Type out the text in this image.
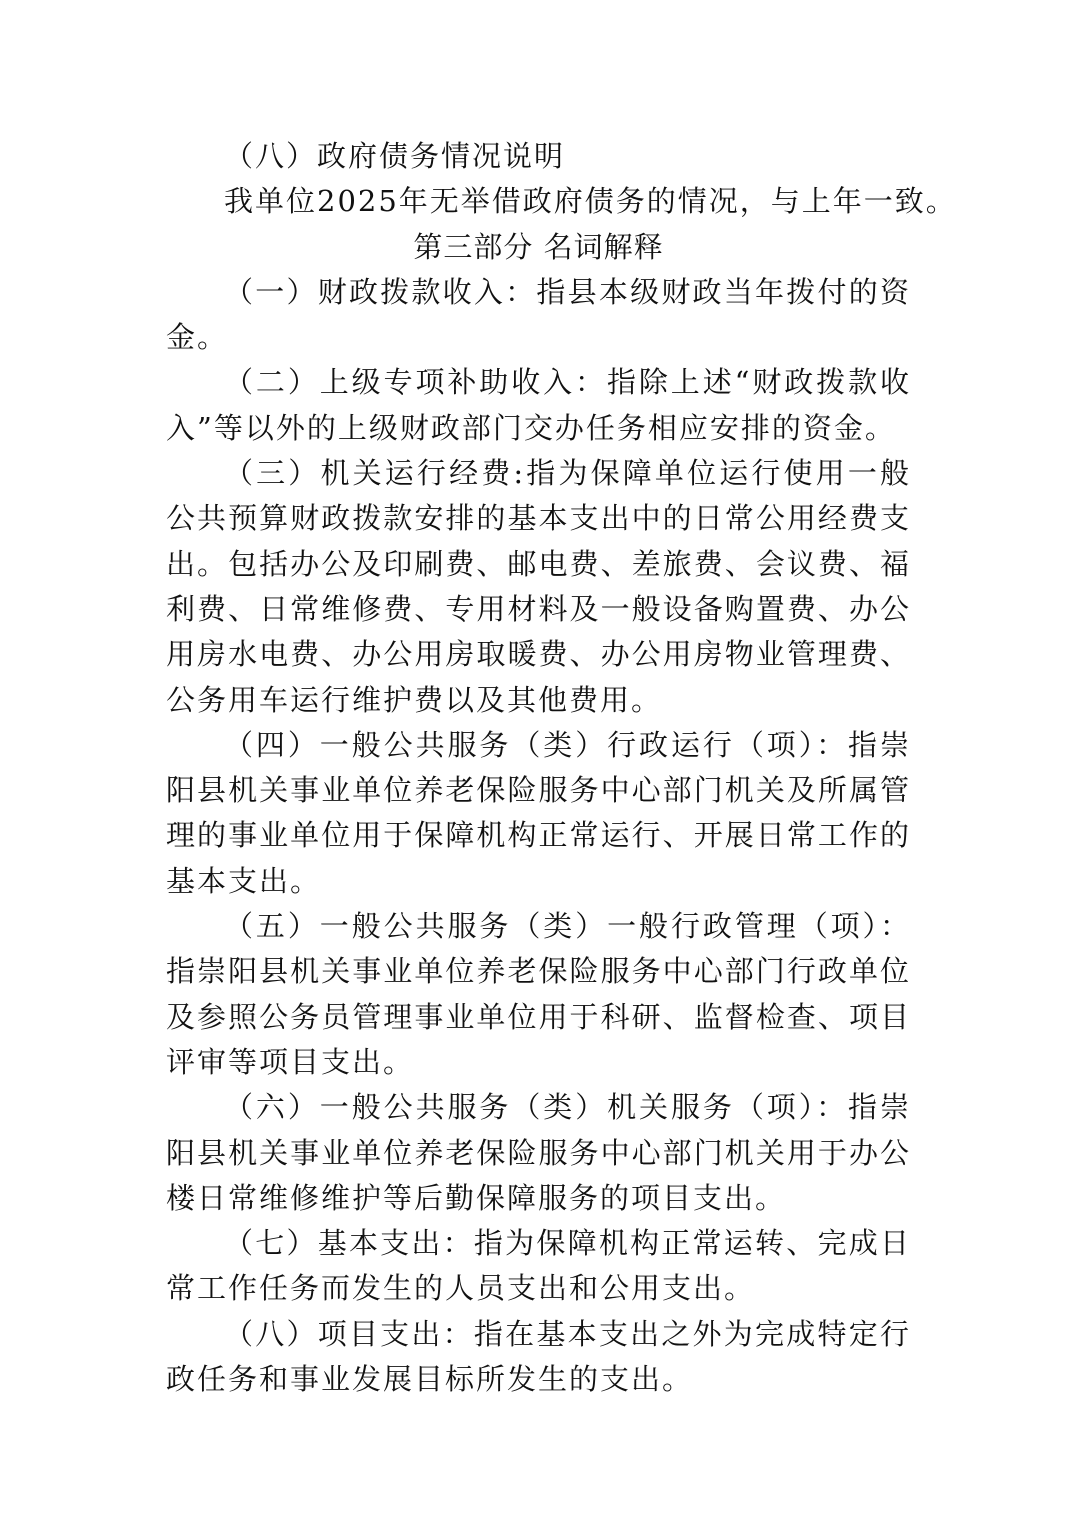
（八）政府债务情况说明
我单位2025年无举借政府债务的情况，与上年一致。
第三部分 名词解释

（一）财政拨款收入：指县本级财政当年拨付的资金。

（二）上级专项补助收入：指除上述“财政拨款收入”等以外的上级财政部门交办任务相应安排的资金。

（三）机关运行经费:指为保障单位运行使用一般公共预算财政拨款安排的基本支出中的日常公用经费支出。包括办公及印刷费、邮电费、差旅费、会议费、福利费、日常维修费、专用材料及一般设备购置费、办公用房水电费、办公用房取暖费、办公用房物业管理费、公务用车运行维护费以及其他费用。

（四）一般公共服务（类）行政运行（项）：指崇阳县机关事业单位养老保险服务中心部门机关及所属管理的事业单位用于保障机构正常运行、开展日常工作的基本支出。

（五）一般公共服务（类）一般行政管理（项）：指崇阳县机关事业单位养老保险服务中心部门行政单位及参照公务员管理事业单位用于科研、监督检查、项目评审等项目支出。

（六）一般公共服务（类）机关服务（项）：指崇阳县机关事业单位养老保险服务中心部门机关用于办公楼日常维修维护等后勤保障服务的项目支出。

（七）基本支出：指为保障机构正常运转、完成日常工作任务而发生的人员支出和公用支出。

（八）项目支出：指在基本支出之外为完成特定行政任务和事业发展目标所发生的支出。
